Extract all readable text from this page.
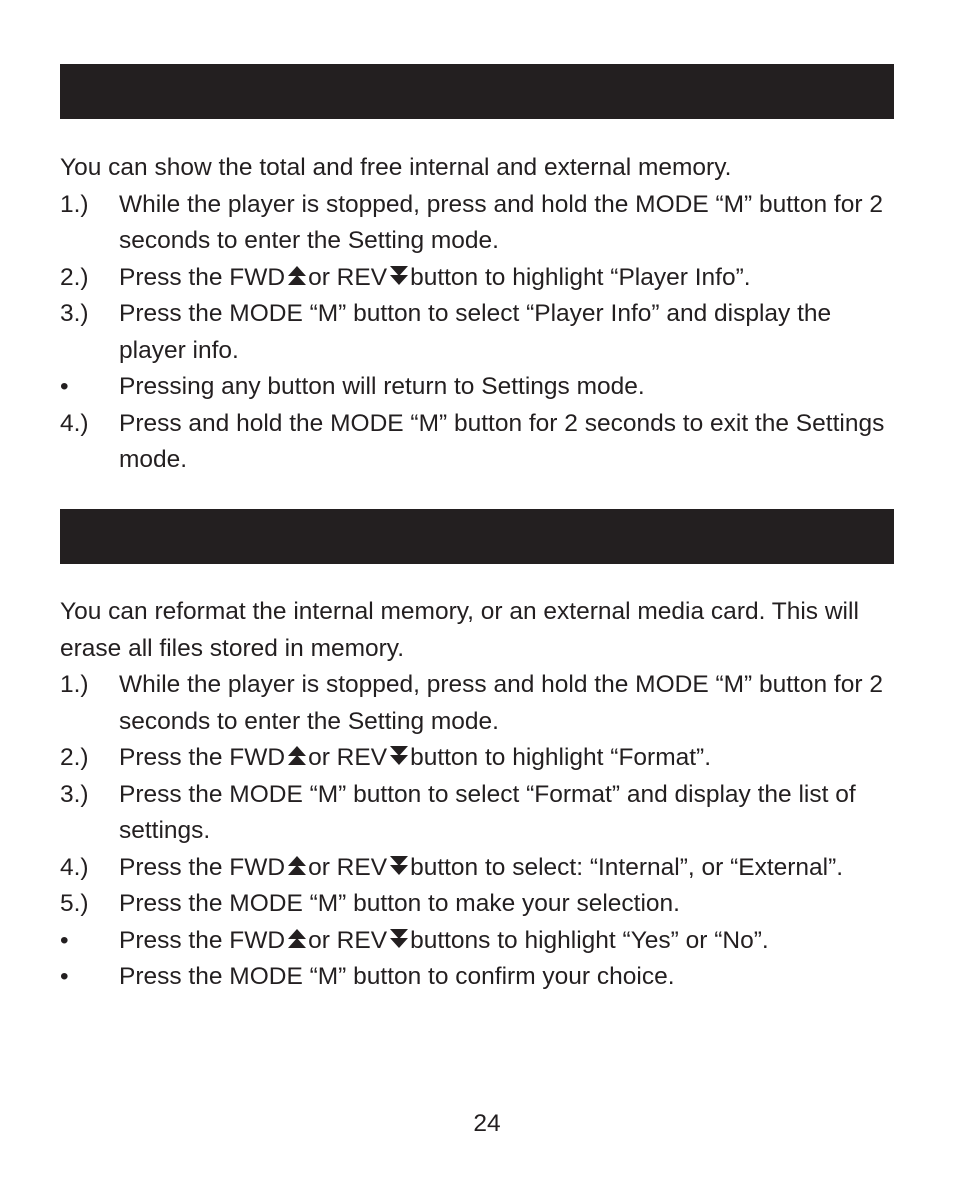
You can show the total and free internal and external memory.

1.)	While the player is stopped, press and hold the MODE “M” button for 2 seconds to enter the Setting mode.
2.)	Press the FWD or REV button to highlight “Player Info”.
3.)	Press the MODE “M” button to select “Player Info” and display the player info.
•	Pressing any button will return to Settings mode.
4.)	Press and hold the MODE “M” button for 2 seconds to exit the Settings mode.

You can reformat the internal memory, or an external media card. This will erase all files stored in memory.

1.)	While the player is stopped, press and hold the MODE “M” button for 2 seconds to enter the Setting mode.
2.)	Press the FWD or REV button to highlight “Format”.
3.)	Press the MODE “M” button to select “Format” and display the list of settings.
4.)	Press the FWD or REV button to select: “Internal”, or “External”.
5.)	Press the MODE “M” button to make your selection.
•	Press the FWD or REV buttons to highlight “Yes” or “No”.
•	Press the MODE “M” button to confirm your choice.
24
